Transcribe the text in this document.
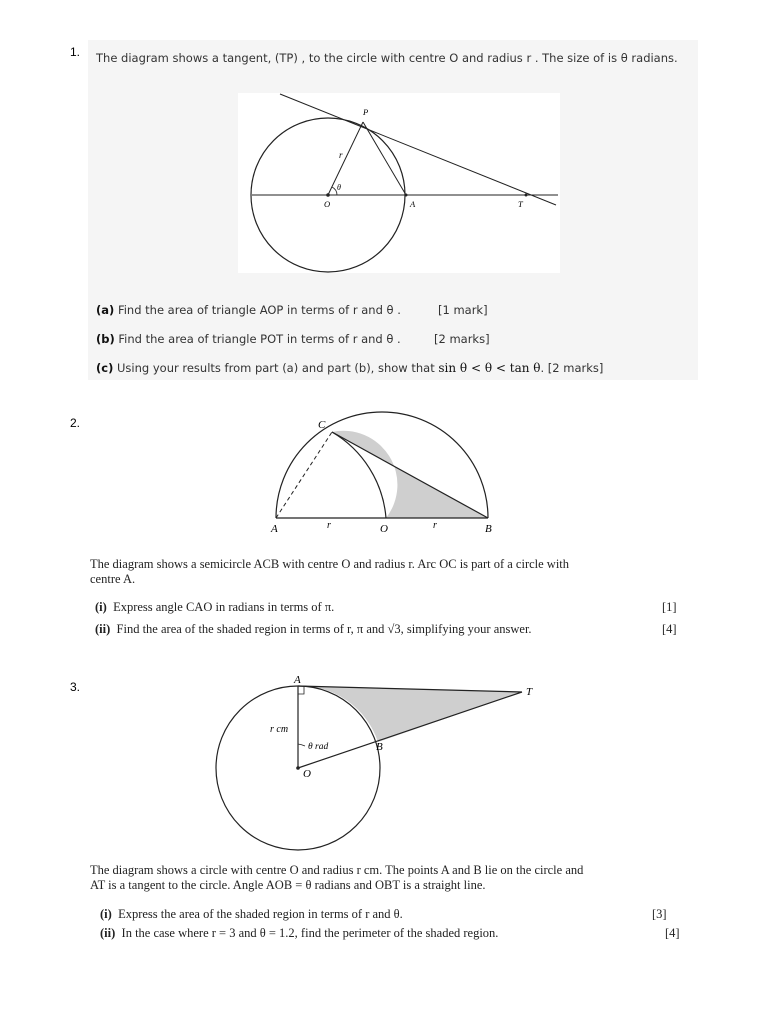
1. The diagram shows a tangent, (TP) , to the circle with centre O and radius r . The size of is θ radians.
P
O	A	T
r
θ
(a) Find the area of triangle AOP in terms of r and θ .	[1 mark]
(b) Find the area of triangle POT in terms of r and θ .	[2 marks]
(c) Using your results from part (a) and part (b), show that sin θ < θ < tan θ. [2 marks]
2.	C
A	r	O	r	B
The diagram shows a semicircle ACB with centre O and radius r. Arc OC is part of a circle with
centre A.
(i) Express angle CAO in radians in terms of π.	[1]
(ii) Find the area of the shaded region in terms of r, π and √3, simplifying your answer.	[4]
3.	A
T
r cm
θ rad	B
O
The diagram shows a circle with centre O and radius r cm. The points A and B lie on the circle and
AT is a tangent to the circle. Angle AOB = θ radians and OBT is a straight line.
(i) Express the area of the shaded region in terms of r and θ.	[3]
(ii) In the case where r = 3 and θ = 1.2, find the perimeter of the shaded region.	[4]
